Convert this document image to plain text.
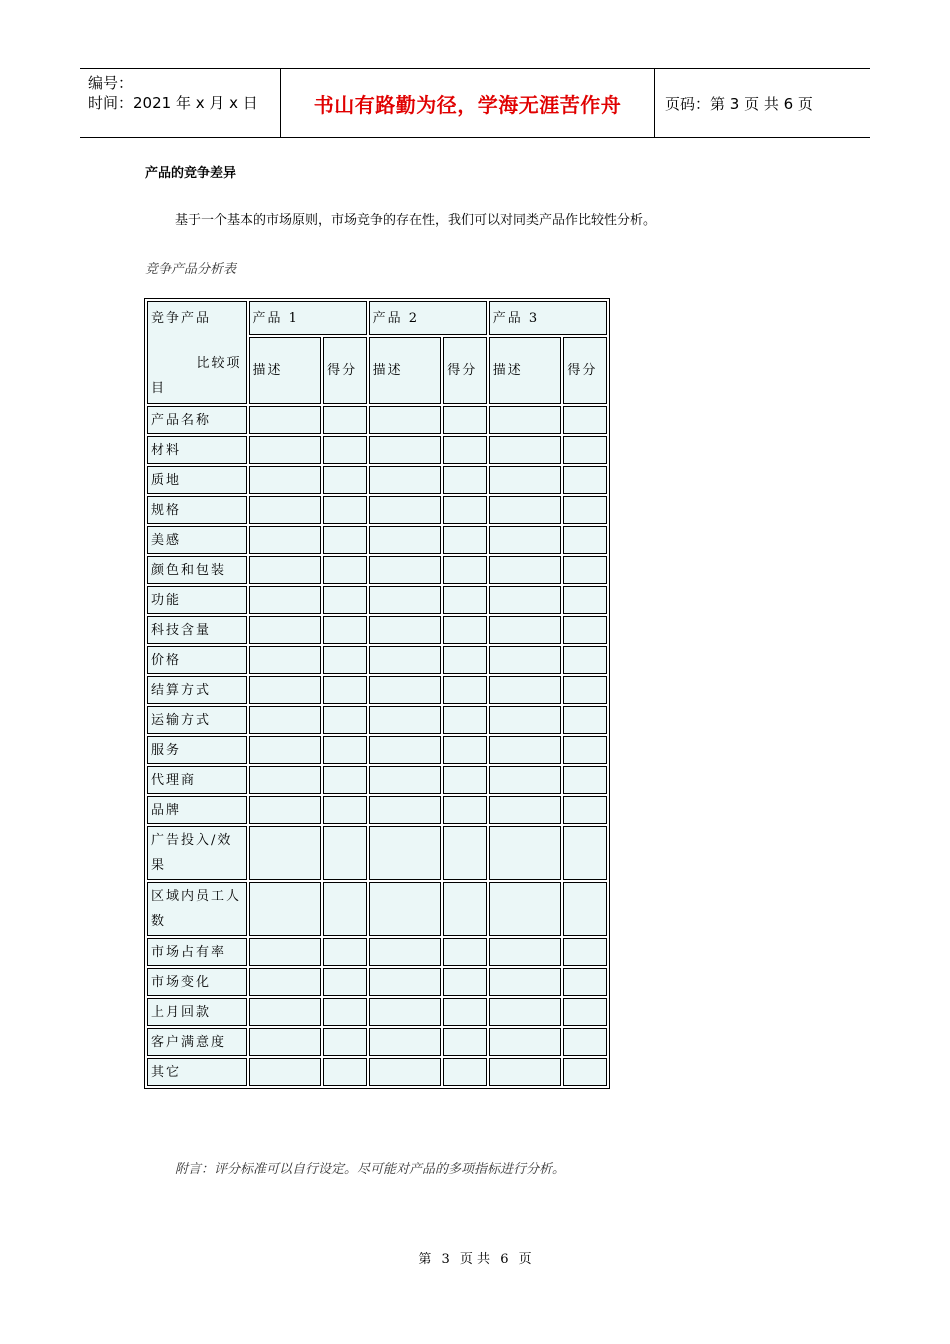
编号：
时间：2021 年 x 月 x 日	书山有路勤为径，学海无涯苦作舟	页码：第 3 页 共 6 页
产品的竞争差异
基于一个基本的市场原则，市场竞争的存在性，我们可以对同类产品作比较性分析。
竞争产品分析表
竞争产品
比较项
目	产品 1		产品 2		产品 3	
	描述	得分	描述	得分	描述	得分
产品名称						
材料						
质地						
规格						
美感						
颜色和包装						
功能						
科技含量						
价格						
结算方式						
运输方式						
服务						
代理商						
品牌						
广告投入/效果						
区域内员工人数						
市场占有率						
市场变化						
上月回款						
客户满意度						
其它						
附言：评分标准可以自行设定。尽可能对产品的多项指标进行分析。
第 3 页 共 6 页
